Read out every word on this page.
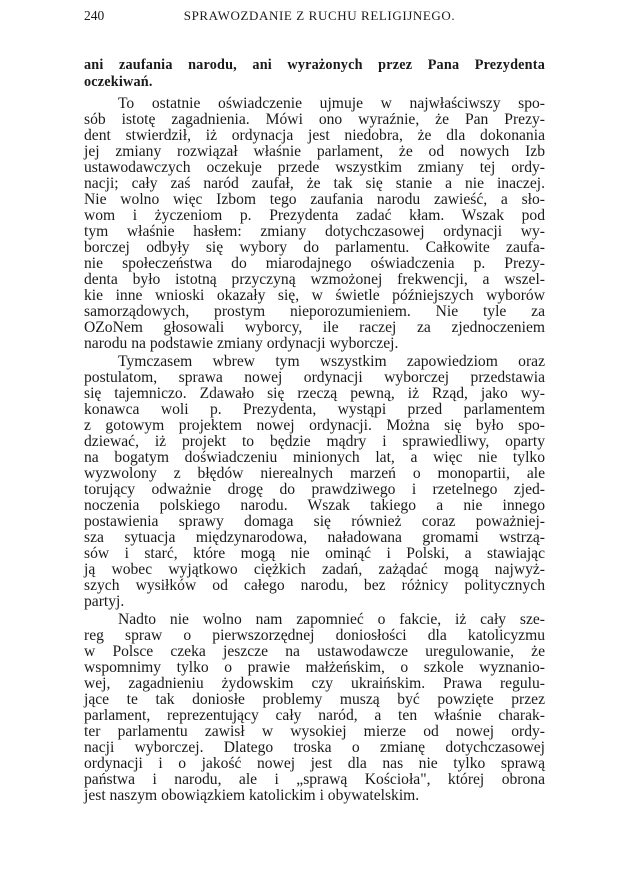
240	SPRAWOZDANIE Z RUCHU RELIGIJNEGO.
ani zaufania narodu, ani wyrażonych przez Pana Prezydenta
oczekiwań.
To ostatnie oświadczenie ujmuje w najwłaściwszy spo-
sób istotę zagadnienia. Mówi ono wyraźnie, że Pan Prezy-
dent stwierdził, iż ordynacja jest niedobra, że dla dokonania
jej zmiany rozwiązał właśnie parlament, że od nowych Izb
ustawodawczych oczekuje przede wszystkim zmiany tej ordy-
nacji; cały zaś naród zaufał, że tak się stanie a nie inaczej.
Nie wolno więc Izbom tego zaufania narodu zawieść, a sło-
wom i życzeniom p. Prezydenta zadać kłam. Wszak pod
tym właśnie hasłem: zmiany dotychczasowej ordynacji wy-
borczej odbyły się wybory do parlamentu. Całkowite zaufa-
nie społeczeństwa do miarodajnego oświadczenia p. Prezy-
denta było istotną przyczyną wzmożonej frekwencji, a wszel-
kie inne wnioski okazały się, w świetle późniejszych wyborów
samorządowych, prostym nieporozumieniem. Nie tyle za
OZoNem głosowali wyborcy, ile raczej za zjednoczeniem
narodu na podstawie zmiany ordynacji wyborczej.
Tymczasem wbrew tym wszystkim zapowiedziom oraz
postulatom, sprawa nowej ordynacji wyborczej przedstawia
się tajemniczo. Zdawało się rzeczą pewną, iż Rząd, jako wy-
konawca woli p. Prezydenta, wystąpi przed parlamentem
z gotowym projektem nowej ordynacji. Można się było spo-
dziewać, iż projekt to będzie mądry i sprawiedliwy, oparty
na bogatym doświadczeniu minionych lat, a więc nie tylko
wyzwolony z błędów nierealnych marzeń o monopartii, ale
torujący odważnie drogę do prawdziwego i rzetelnego zjed-
noczenia polskiego narodu. Wszak takiego a nie innego
postawienia sprawy domaga się również coraz poważniej-
sza sytuacja międzynarodowa, naładowana gromami wstrzą-
sów i starć, które mogą nie ominąć i Polski, a stawiając
ją wobec wyjątkowo ciężkich zadań, zażądać mogą najwyż-
szych wysiłków od całego narodu, bez różnicy politycznych
partyj.
Nadto nie wolno nam zapomnieć o fakcie, iż cały sze-
reg spraw o pierwszorzędnej doniosłości dla katolicyzmu
w Polsce czeka jeszcze na ustawodawcze uregulowanie, że
wspomnimy tylko o prawie małżeńskim, o szkole wyznanio-
wej, zagadnieniu żydowskim czy ukraińskim. Prawa regulu-
jące te tak doniosłe problemy muszą być powzięte przez
parlament, reprezentujący cały naród, a ten właśnie charak-
ter parlamentu zawisł w wysokiej mierze od nowej ordy-
nacji wyborczej. Dlatego troska o zmianę dotychczasowej
ordynacji i o jakość nowej jest dla nas nie tylko sprawą
państwa i narodu, ale i „sprawą Kościoła", której obrona
jest naszym obowiązkiem katolickim i obywatelskim.
